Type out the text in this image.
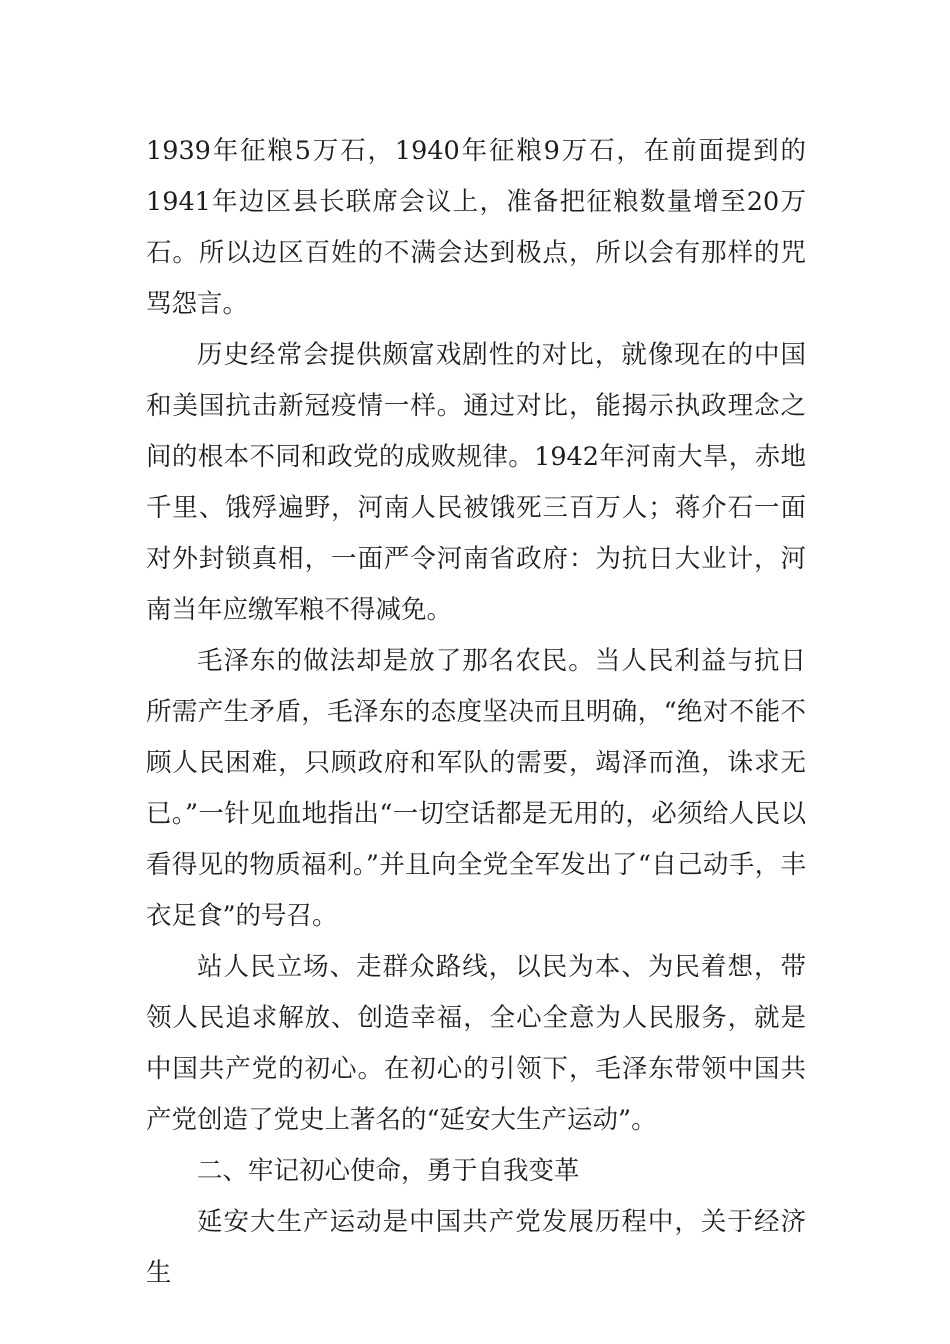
1939年征粮5万石，1940年征粮9万石，在前面提到的1941年边区县长联席会议上，准备把征粮数量增至20万石。所以边区百姓的不满会达到极点，所以会有那样的咒骂怨言。

历史经常会提供颇富戏剧性的对比，就像现在的中国和美国抗击新冠疫情一样。通过对比，能揭示执政理念之间的根本不同和政党的成败规律。1942年河南大旱，赤地千里、饿殍遍野，河南人民被饿死三百万人；蒋介石一面对外封锁真相，一面严令河南省政府：为抗日大业计，河南当年应缴军粮不得减免。

毛泽东的做法却是放了那名农民。当人民利益与抗日所需产生矛盾，毛泽东的态度坚决而且明确，“绝对不能不顾人民困难，只顾政府和军队的需要，竭泽而渔，诛求无已。”一针见血地指出“一切空话都是无用的，必须给人民以看得见的物质福利。”并且向全党全军发出了“自己动手，丰衣足食”的号召。

站人民立场、走群众路线，以民为本、为民着想，带领人民追求解放、创造幸福，全心全意为人民服务，就是中国共产党的初心。在初心的引领下，毛泽东带领中国共产党创造了党史上著名的“延安大生产运动”。

二、牢记初心使命，勇于自我变革

延安大生产运动是中国共产党发展历程中，关于经济生
